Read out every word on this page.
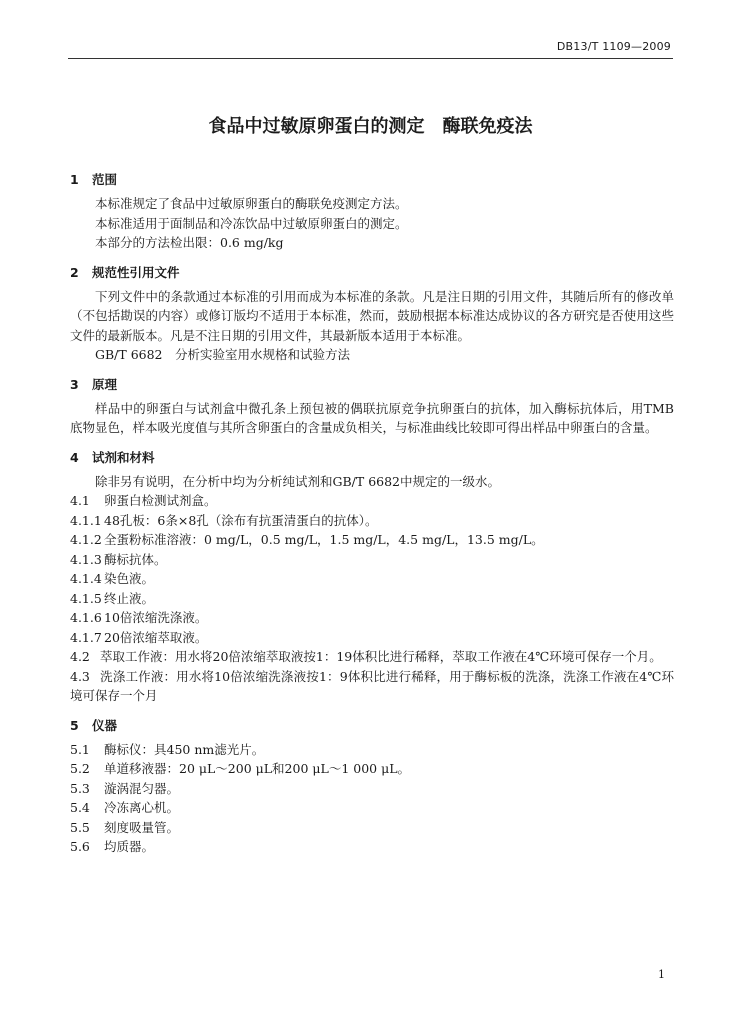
DB13/T 1109—2009
食品中过敏原卵蛋白的测定　酶联免疫法
1 范围
本标准规定了食品中过敏原卵蛋白的酶联免疫测定方法。
本标准适用于面制品和冷冻饮品中过敏原卵蛋白的测定。
本部分的方法检出限：0.6 mg/kg
2 规范性引用文件
下列文件中的条款通过本标准的引用而成为本标准的条款。凡是注日期的引用文件，其随后所有的修改单（不包括勘误的内容）或修订版均不适用于本标准，然而，鼓励根据本标准达成协议的各方研究是否使用这些文件的最新版本。凡是不注日期的引用文件，其最新版本适用于本标准。
GB/T 6682　分析实验室用水规格和试验方法
3 原理
样品中的卵蛋白与试剂盒中微孔条上预包被的偶联抗原竞争抗卵蛋白的抗体，加入酶标抗体后，用TMB底物显色，样本吸光度值与其所含卵蛋白的含量成负相关，与标准曲线比较即可得出样品中卵蛋白的含量。
4 试剂和材料
除非另有说明，在分析中均为分析纯试剂和GB/T 6682中规定的一级水。
4.1 卵蛋白检测试剂盒。
4.1.1 48孔板：6条×8孔（涂布有抗蛋清蛋白的抗体）。
4.1.2 全蛋粉标准溶液：0 mg/L，0.5 mg/L，1.5 mg/L，4.5 mg/L，13.5 mg/L。
4.1.3 酶标抗体。
4.1.4 染色液。
4.1.5 终止液。
4.1.6 10倍浓缩洗涤液。
4.1.7 20倍浓缩萃取液。
4.2 萃取工作液：用水将20倍浓缩萃取液按1：19体积比进行稀释，萃取工作液在4℃环境可保存一个月。
4.3 洗涤工作液：用水将10倍浓缩洗涤液按1：9体积比进行稀释，用于酶标板的洗涤，洗涤工作液在4℃环境可保存一个月
5 仪器
5.1 酶标仪：具450 nm滤光片。
5.2 单道移液器：20 μL～200 μL和200 μL～1 000 μL。
5.3 漩涡混匀器。
5.4 冷冻离心机。
5.5 刻度吸量管。
5.6 均质器。
1
